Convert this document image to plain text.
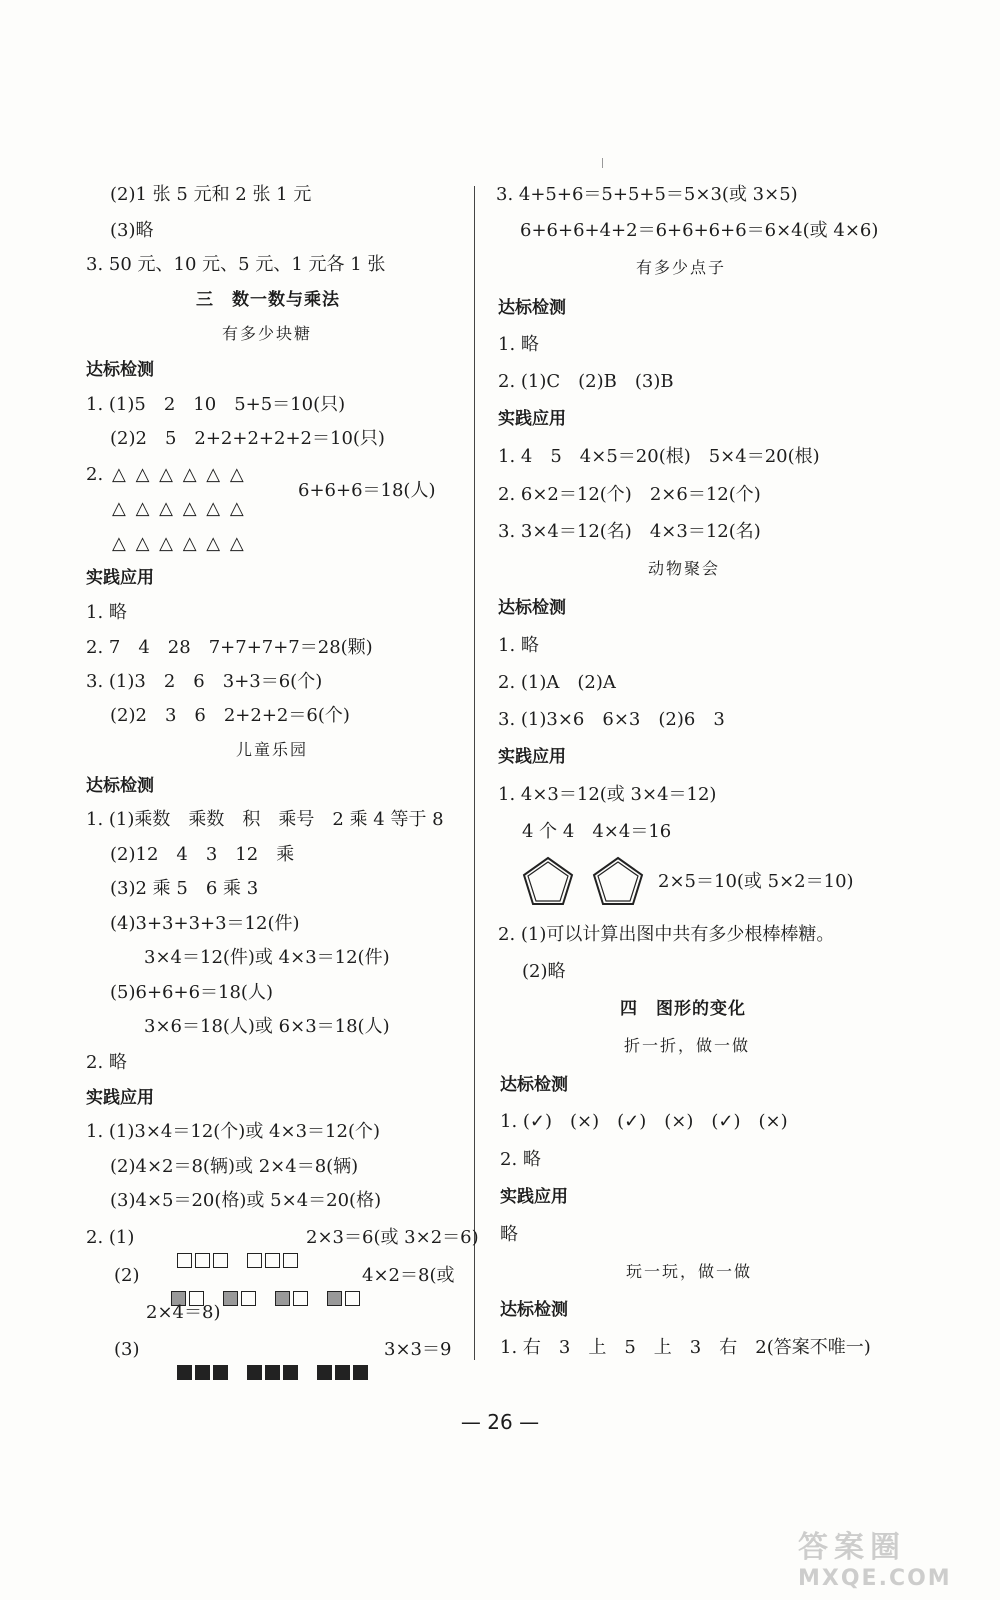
(2)1 张 5 元和 2 张 1 元
(3)略
3. 50 元、10 元、5 元、1 元各 1 张
三　数一数与乘法
有多少块糖
达标检测
1. (1)5　2　10　5+5＝10(只)
(2)2　5　2+2+2+2+2＝10(只)
2. △ △ △ △ △ △
△ △ △ △ △ △
△ △ △ △ △ △
6+6+6＝18(人)
实践应用
1. 略
2. 7　4　28　7+7+7+7＝28(颗)
3. (1)3　2　6　3+3＝6(个)
(2)2　3　6　2+2+2＝6(个)
儿童乐园
达标检测
1. (1)乘数　乘数　积　乘号　2 乘 4 等于 8
(2)12　4　3　12　乘
(3)2 乘 5　6 乘 3
(4)3+3+3+3＝12(件)
3×4＝12(件)或 4×3＝12(件)
(5)6+6+6＝18(人)
3×6＝18(人)或 6×3＝18(人)
2. 略
实践应用
1. (1)3×4＝12(个)或 4×3＝12(个)
(2)4×2＝8(辆)或 2×4＝8(辆)
(3)4×5＝20(格)或 5×4＝20(格)
2. (1)

	2×3＝6(或 3×2＝6)
(2)

	4×2＝8(或
2×4＝8)
(3)

	3×3＝9
3. 4+5+6＝5+5+5＝5×3(或 3×5)
6+6+6+4+2＝6+6+6+6＝6×4(或 4×6)
有多少点子
达标检测
1. 略
2. (1)C　(2)B　(3)B
实践应用
1. 4　5　4×5＝20(根)　5×4＝20(根)
2. 6×2＝12(个)　2×6＝12(个)
3. 3×4＝12(名)　4×3＝12(名)
动物聚会
达标检测
1. 略
2. (1)A　(2)A
3. (1)3×6　6×3　(2)6　3
实践应用
1. 4×3＝12(或 3×4＝12)
4 个 4　4×4＝16
2×5＝10(或 5×2＝10)
2. (1)可以计算出图中共有多少根棒棒糖。
(2)略
四　图形的变化
折一折，做一做
达标检测
1. (✓)　(×)　(✓)　(×)　(✓)　(×)
2. 略
实践应用
略
玩一玩，做一做
达标检测
1. 右　3　上　5　上　3　右　2(答案不唯一)
— 26 —
答案圈
MXQE.COM
